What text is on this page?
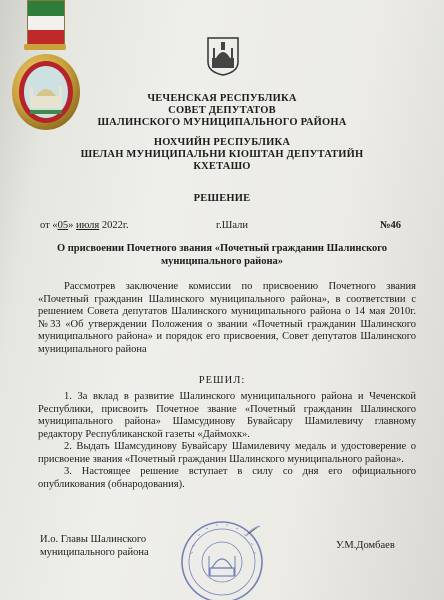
ЧЕЧЕНСКАЯ РЕСПУБЛИКА
СОВЕТ ДЕПУТАТОВ
ШАЛИНСКОГО МУНИЦИПАЛЬНОГО РАЙОНА
НОХЧИЙН РЕСПУБЛИКА
ШЕЛАН МУНИЦИПАЛЬНИ КІОШТАН ДЕПУТАТИЙН
КХЕТАШО
РЕШЕНИЕ
от «05» июля 2022г.	г.Шали	№46
О присвоении Почетного звания «Почетный гражданин Шалинского
муниципального района»
Рассмотрев заключение комиссии по присвоению Почетного звания «Почетный гражданин Шалинского муниципального района», в соответствии с решением Совета депутатов Шалинского муниципального района о 14 мая 2010г.№33 «Об утверждении Положения о звании «Почетный гражданин Шалинского муниципального района» и порядок его присвоения, Совет депутатов Шалинского муниципального района
РЕШИЛ:
1. За вклад в развитие Шалинского муниципального района и Чеченской Республики, присвоить Почетное звание «Почетный гражданин Шалинского муниципального района» Шамсудинову Бувайсару Шамилевичу главному редактору Республиканской газеты «Даймохк».
2. Выдать Шамсудинову Бувайсару Шамилевичу медаль и удостоверение о присвоение звания «Почетный гражданин Шалинского муниципального района».
3. Настоящее решение вступает в силу со дня его официального опубликования (обнародования).
И.о. Главы Шалинского
муниципального района
У.М.Домбаев
